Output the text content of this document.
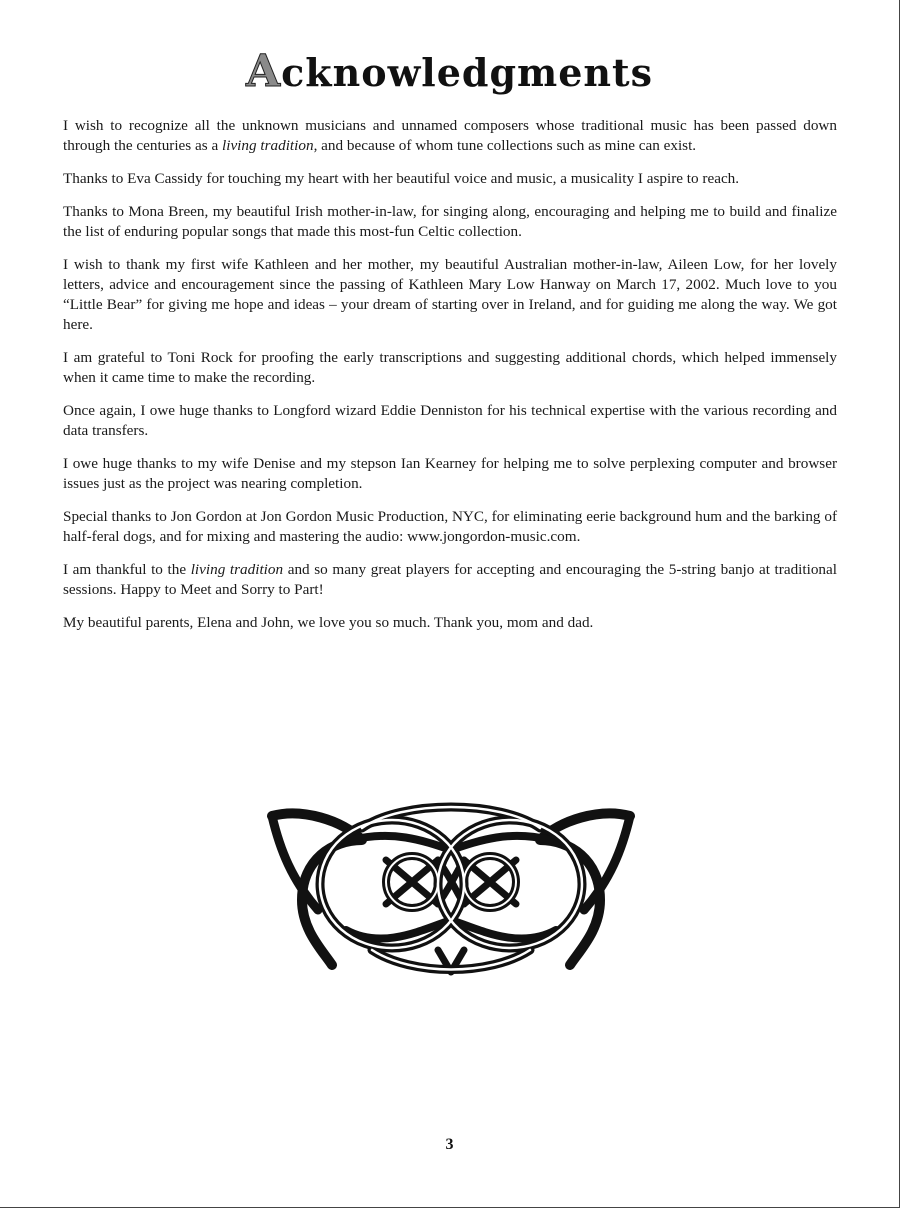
Acknowledgments

I wish to recognize all the unknown musicians and unnamed composers whose traditional music has been passed down through the centuries as a living tradition, and because of whom tune collections such as mine can exist.

Thanks to Eva Cassidy for touching my heart with her beautiful voice and music, a musicality I aspire to reach.

Thanks to Mona Breen, my beautiful Irish mother-in-law, for singing along, encouraging and helping me to build and finalize the list of enduring popular songs that made this most-fun Celtic collection.

I wish to thank my first wife Kathleen and her mother, my beautiful Australian mother-in-law, Aileen Low, for her lovely letters, advice and encouragement since the passing of Kathleen Mary Low Hanway on March 17, 2002. Much love to you “Little Bear” for giving me hope and ideas – your dream of starting over in Ireland, and for guiding me along the way. We got here.

I am grateful to Toni Rock for proofing the early transcriptions and suggesting additional chords, which helped immensely when it came time to make the recording.

Once again, I owe huge thanks to Longford wizard Eddie Denniston for his technical expertise with the various recording and data transfers.

I owe huge thanks to my wife Denise and my stepson Ian Kearney for helping me to solve perplexing computer and browser issues just as the project was nearing completion.

Special thanks to Jon Gordon at Jon Gordon Music Production, NYC, for eliminating eerie background hum and the barking of half-feral dogs, and for mixing and mastering the audio: www.jongordon-music.com.

I am thankful to the living tradition and so many great players for accepting and encouraging the 5-string banjo at traditional sessions. Happy to Meet and Sorry to Part!

My beautiful parents, Elena and John, we love you so much. Thank you, mom and dad.

3
